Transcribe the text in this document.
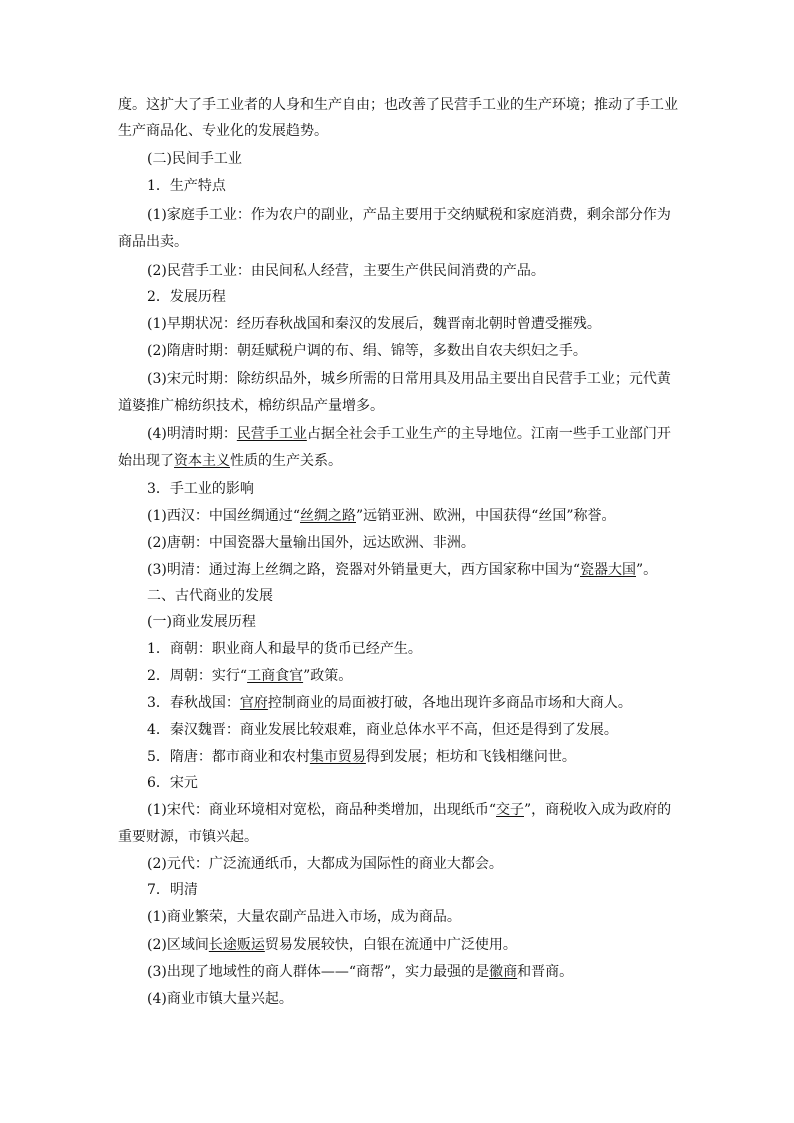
度。这扩大了手工业者的人身和生产自由；也改善了民营手工业的生产环境；推动了手工业
生产商品化、专业化的发展趋势。
(二)民间手工业
1．生产特点
(1)家庭手工业：作为农户的副业，产品主要用于交纳赋税和家庭消费，剩余部分作为
商品出卖。
(2)民营手工业：由民间私人经营，主要生产供民间消费的产品。
2．发展历程
(1)早期状况：经历春秋战国和秦汉的发展后，魏晋南北朝时曾遭受摧残。
(2)隋唐时期：朝廷赋税户调的布、绢、锦等，多数出自农夫织妇之手。
(3)宋元时期：除纺织品外，城乡所需的日常用具及用品主要出自民营手工业；元代黄
道婆推广棉纺织技术，棉纺织品产量增多。
(4)明清时期：民营手工业占据全社会手工业生产的主导地位。江南一些手工业部门开
始出现了资本主义性质的生产关系。
3．手工业的影响
(1)西汉：中国丝绸通过“丝绸之路”远销亚洲、欧洲，中国获得“丝国”称誉。
(2)唐朝：中国瓷器大量输出国外，远达欧洲、非洲。
(3)明清：通过海上丝绸之路，瓷器对外销量更大，西方国家称中国为“瓷器大国”。
二、古代商业的发展
(一)商业发展历程
1．商朝：职业商人和最早的货币已经产生。
2．周朝：实行“工商食官”政策。
3．春秋战国：官府控制商业的局面被打破，各地出现许多商品市场和大商人。
4．秦汉魏晋：商业发展比较艰难，商业总体水平不高，但还是得到了发展。
5．隋唐：都市商业和农村集市贸易得到发展；柜坊和飞钱相继问世。
6．宋元
(1)宋代：商业环境相对宽松，商品种类增加，出现纸币“交子”，商税收入成为政府的
重要财源，市镇兴起。
(2)元代：广泛流通纸币，大都成为国际性的商业大都会。
7．明清
(1)商业繁荣，大量农副产品进入市场，成为商品。
(2)区域间长途贩运贸易发展较快，白银在流通中广泛使用。
(3)出现了地域性的商人群体——“商帮”，实力最强的是徽商和晋商。
(4)商业市镇大量兴起。
